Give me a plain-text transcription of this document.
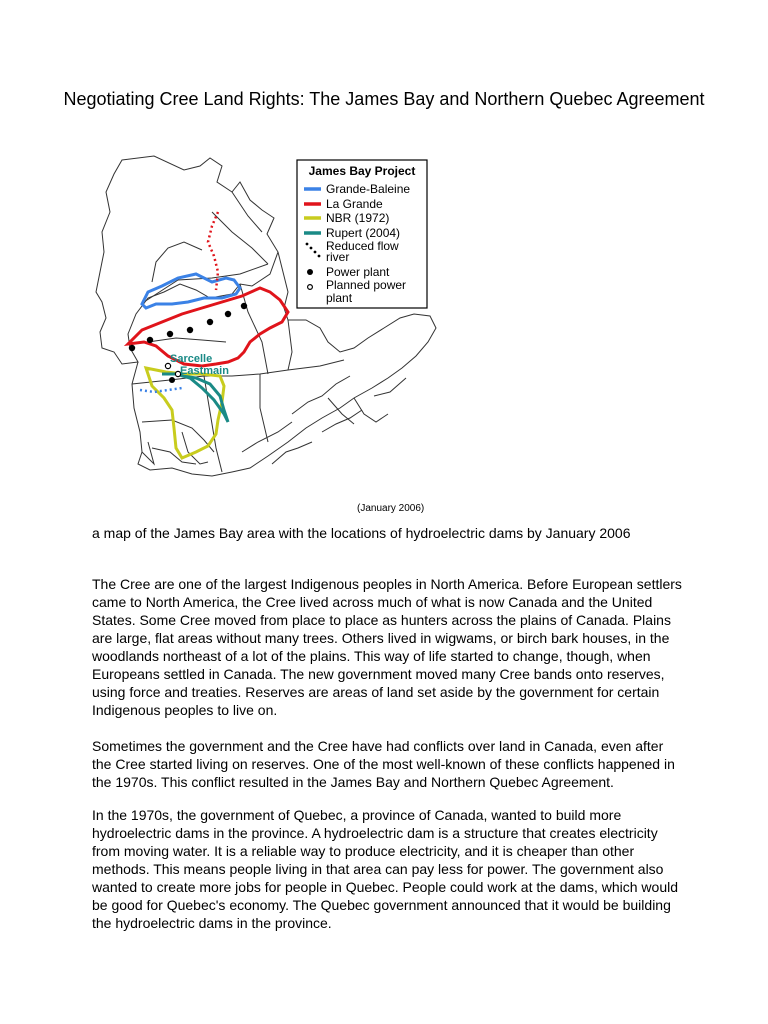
Negotiating Cree Land Rights: The James Bay and Northern Quebec Agreement
Sarcelle
Eastmain
James Bay Project
Grande-Baleine
La Grande
NBR (1972)
Rupert (2004)
Reduced flow
river
Power plant
Planned power
plant
(January 2006)
a map of the James Bay area with the locations of hydroelectric dams by January 2006

The Cree are one of the largest Indigenous peoples in North America. Before European settlers came to North America, the Cree lived across much of what is now Canada and the United States. Some Cree moved from place to place as hunters across the plains of Canada. Plains are large, flat areas without many trees. Others lived in wigwams, or birch bark houses, in the woodlands northeast of a lot of the plains. This way of life started to change, though, when Europeans settled in Canada. The new government moved many Cree bands onto reserves, using force and treaties. Reserves are areas of land set aside by the government for certain Indigenous peoples to live on.

Sometimes the government and the Cree have had conflicts over land in Canada, even after the Cree started living on reserves. One of the most well-known of these conflicts happened in the 1970s. This conflict resulted in the James Bay and Northern Quebec Agreement.

In the 1970s, the government of Quebec, a province of Canada, wanted to build more hydroelectric dams in the province. A hydroelectric dam is a structure that creates electricity from moving water. It is a reliable way to produce electricity, and it is cheaper than other methods. This means people living in that area can pay less for power. The government also wanted to create more jobs for people in Quebec. People could work at the dams, which would be good for Quebec's economy. The Quebec government announced that it would be building the hydroelectric dams in the province.
